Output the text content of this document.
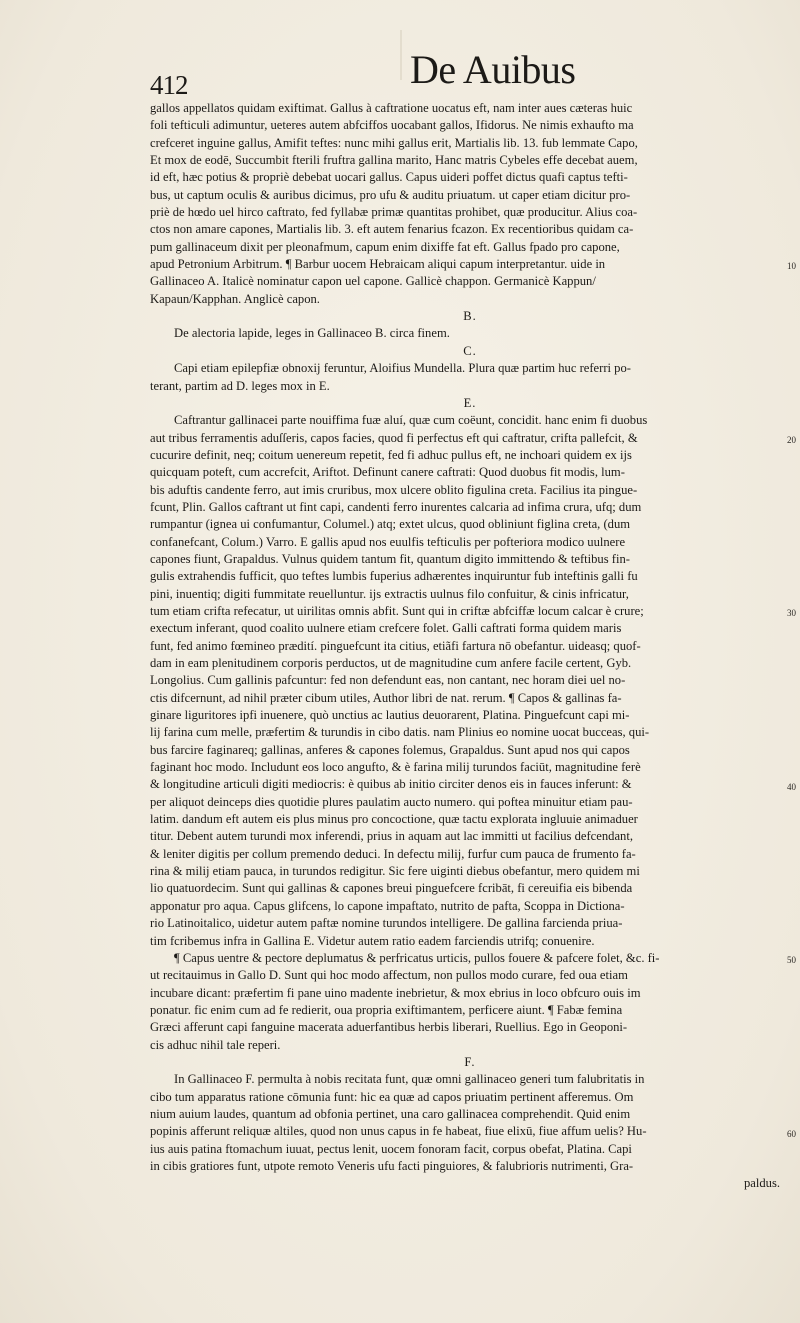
412	De Auibus
gallos appellatos quidam exiftimat. Gallus à caftratione uocatus eft, nam inter aues cæteras huic
foli tefticuli adimuntur, ueteres autem abfciffos uocabant gallos, Ifidorus. Ne nimis exhaufto ma
crefceret inguine gallus, Amifit teftes: nunc mihi gallus erit, Martialis lib. 13. fub lemmate Capo,
Et mox de eodē, Succumbit fterili fruftra gallina marito, Hanc matris Cybeles effe decebat auem,
id eft, hæc potius & propriè debebat uocari gallus. Capus uideri poffet dictus quafi captus tefti-
bus, ut captum oculis & auribus dicimus, pro ufu & auditu priuatum. ut caper etiam dicitur pro-
priè de hœdo uel hirco caftrato, fed fyllabæ primæ quantitas prohibet, quæ producitur. Alius coa-
ctos non amare capones, Martialis lib. 3. eft autem fenarius fcazon. Ex recentioribus quidam ca-
pum gallinaceum dixit per pleonafmum, capum enim dixiffe fat eft. Gallus fpado pro capone,
apud Petronium Arbitrum. ¶ Barbur uocem Hebraicam aliqui capum interpretantur. uide in	10
Gallinaceo A. Italicè nominatur capon uel capone. Gallicè chappon. Germanicè Kappun/
Kapaun/Kapphan. Anglicè capon.
B.
De alectoria lapide, leges in Gallinaceo B. circa finem.
C.
Capi etiam epilepfiæ obnoxij feruntur, Aloifius Mundella. Plura quæ partim huc referri po-
terant, partim ad D. leges mox in E.
E.
Caftrantur gallinacei parte nouiffima fuæ aluí, quæ cum coëunt, concidit. hanc enim fi duobus
aut tribus ferramentis aduſſeris, capos facies, quod fi perfectus eft qui caftratur, crifta pallefcit, &	20
cucurire definit, neq; coitum uenereum repetit, fed fi adhuc pullus eft, ne inchoari quidem ex ijs
quicquam poteft, cum accrefcit, Ariftot. Definunt canere caftrati: Quod duobus fit modis, lum-
bis aduftis candente ferro, aut imis cruribus, mox ulcere oblito figulina creta. Facilius ita pingue-
fcunt, Plin. Gallos caftrant ut fint capi, candenti ferro inurentes calcaria ad infima crura, ufq; dum
rumpantur (ignea ui confumantur, Columel.) atq; extet ulcus, quod obliniunt figlina creta, (dum
confanefcant, Colum.) Varro. E gallis apud nos euulfis tefticulis per pofteriora modico uulnere
capones fiunt, Grapaldus. Vulnus quidem tantum fit, quantum digito immittendo & teftibus fin-
gulis extrahendis fufficit, quo teftes lumbis fuperius adhærentes inquiruntur fub inteftinis galli fu
pini, inuentiq; digiti fummitate reuelluntur. ijs extractis uulnus filo confuitur, & cinis infricatur,
tum etiam crifta refecatur, ut uirilitas omnis abfit. Sunt qui in criftæ abfciffæ locum calcar è crure;	30
exectum inferant, quod coalito uulnere etiam crefcere folet. Galli caftrati forma quidem maris
funt, fed animo fœmineo prædití. pinguefcunt ita citius, etiãfi fartura nō obefantur. uideasq; quof-
dam in eam plenitudinem corporis perductos, ut de magnitudine cum anfere facile certent, Gyb.
Longolius. Cum gallinis pafcuntur: fed non defendunt eas, non cantant, nec horam diei uel no-
ctis difcernunt, ad nihil præter cibum utiles, Author libri de nat. rerum. ¶ Capos & gallinas fa-
ginare liguritores ipfi inuenere, quò unctius ac lautius deuorarent, Platina. Pinguefcunt capi mi-
lij farina cum melle, præfertim & turundis in cibo datis. nam Plinius eo nomine uocat bucceas, qui-
bus farcire faginareq; gallinas, anferes & capones folemus, Grapaldus. Sunt apud nos qui capos
faginant hoc modo. Includunt eos loco angufto, & è farina milij turundos faciūt, magnitudine ferè
& longitudine articuli digiti mediocris: è quibus ab initio circiter denos eis in fauces inferunt: &	40
per aliquot deinceps dies quotidie plures paulatim aucto numero. qui poftea minuitur etiam pau-
latim. dandum eft autem eis plus minus pro concoctione, quæ tactu explorata ingluuie animaduer
titur. Debent autem turundi mox inferendi, prius in aquam aut lac immitti ut facilius defcendant,
& leniter digitis per collum premendo deduci. In defectu milij, furfur cum pauca de frumento fa-
rina & milij etiam pauca, in turundos redigitur. Sic fere uiginti diebus obefantur, mero quidem mi
lio quatuordecim. Sunt qui gallinas & capones breui pinguefcere fcribāt, fi cereuifia eis bibenda
apponatur pro aqua. Capus glifcens, lo capone impaftato, nutrito de pafta, Scoppa in Dictiona-
rio Latinoitalico, uidetur autem paftæ nomine turundos intelligere. De gallina farcienda priua-
tim fcribemus infra in Gallina E. Videtur autem ratio eadem farciendis utrifq; conuenire.
¶ Capus uentre & pectore deplumatus & perfricatus urticis, pullos fouere & pafcere folet, &c. fi-	50
ut recitauimus in Gallo D. Sunt qui hoc modo affectum, non pullos modo curare, fed oua etiam
incubare dicant: præfertim fi pane uino madente inebrietur, & mox ebrius in loco obfcuro ouis im
ponatur. fic enim cum ad fe redierit, oua propria exiftimantem, perficere aiunt. ¶ Fabæ femina
Græci afferunt capi fanguine macerata aduerfantibus herbis liberari, Ruellius. Ego in Geoponi-
cis adhuc nihil tale reperi.
F.
In Gallinaceo F. permulta à nobis recitata funt, quæ omni gallinaceo generi tum falubritatis in
cibo tum apparatus ratione cōmunia funt: hic ea quæ ad capos priuatim pertinent afferemus. Om
nium auium laudes, quantum ad obfonia pertinet, una caro gallinacea comprehendit. Quid enim
popinis afferunt reliquæ altiles, quod non unus capus in fe habeat, fiue elixū, fiue affum uelis? Hu-	60
ius auis patina ftomachum iuuat, pectus lenit, uocem fonoram facit, corpus obefat, Platina. Capi
in cibis gratiores funt, utpote remoto Veneris ufu facti pinguiores, & falubrioris nutrimenti, Gra-
paldus.
